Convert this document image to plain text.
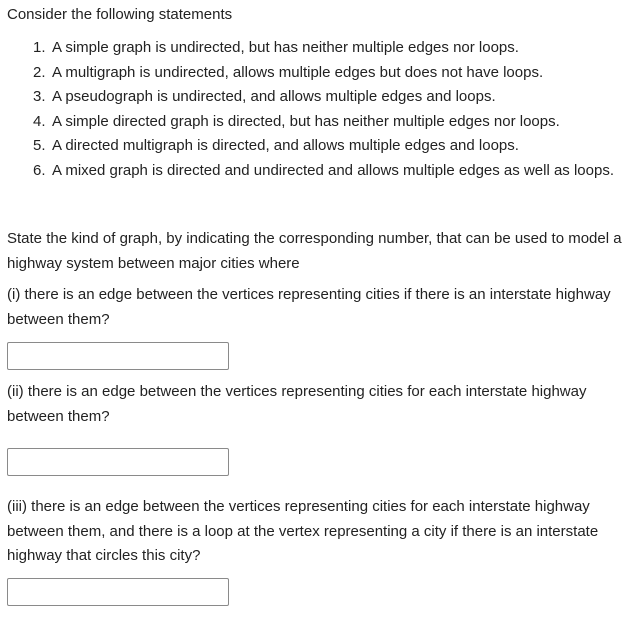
Consider the following statements

1. A simple graph is undirected, but has neither multiple edges nor loops.
2. A multigraph is undirected, allows multiple edges but does not have loops.
3. A pseudograph is undirected, and allows multiple edges and loops.
4. A simple directed graph is directed, but has neither multiple edges nor loops.
5. A directed multigraph is directed, and allows multiple edges and loops.
6. A mixed graph is directed and undirected and allows multiple edges as well as loops.

State the kind of graph, by indicating the corresponding number, that can be used to model a highway system between major cities where

(i) there is an edge between the vertices representing cities if there is an interstate highway between them?

(ii) there is an edge between the vertices representing cities for each interstate highway between them?

(iii) there is an edge between the vertices representing cities for each interstate highway between them, and there is a loop at the vertex representing a city if there is an interstate highway that circles this city?
